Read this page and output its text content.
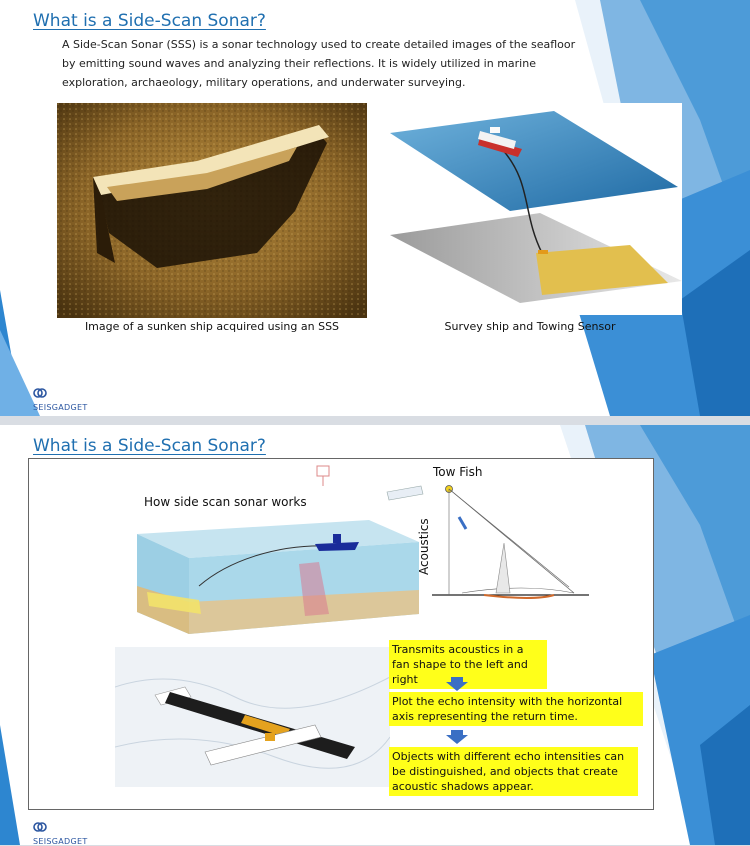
What is a Side-Scan Sonar?

A Side-Scan Sonar (SSS) is a sonar technology used to create detailed images of the seafloor by emitting sound waves and analyzing their reflections. It is widely utilized in marine exploration, archaeology, military operations, and underwater surveying.

Image of a sunken ship acquired using an SSS	Survey ship and Towing Sensor
SEISGADGET
What is a Side-Scan Sonar?
How side scan sonar works
Tow Fish
Acoustics
Transmits acoustics in a fan shape to the left and right
Plot the echo intensity with the horizontal axis representing the return time.
Objects with different echo intensities can be distinguished, and objects that create acoustic shadows appear.
SEISGADGET
